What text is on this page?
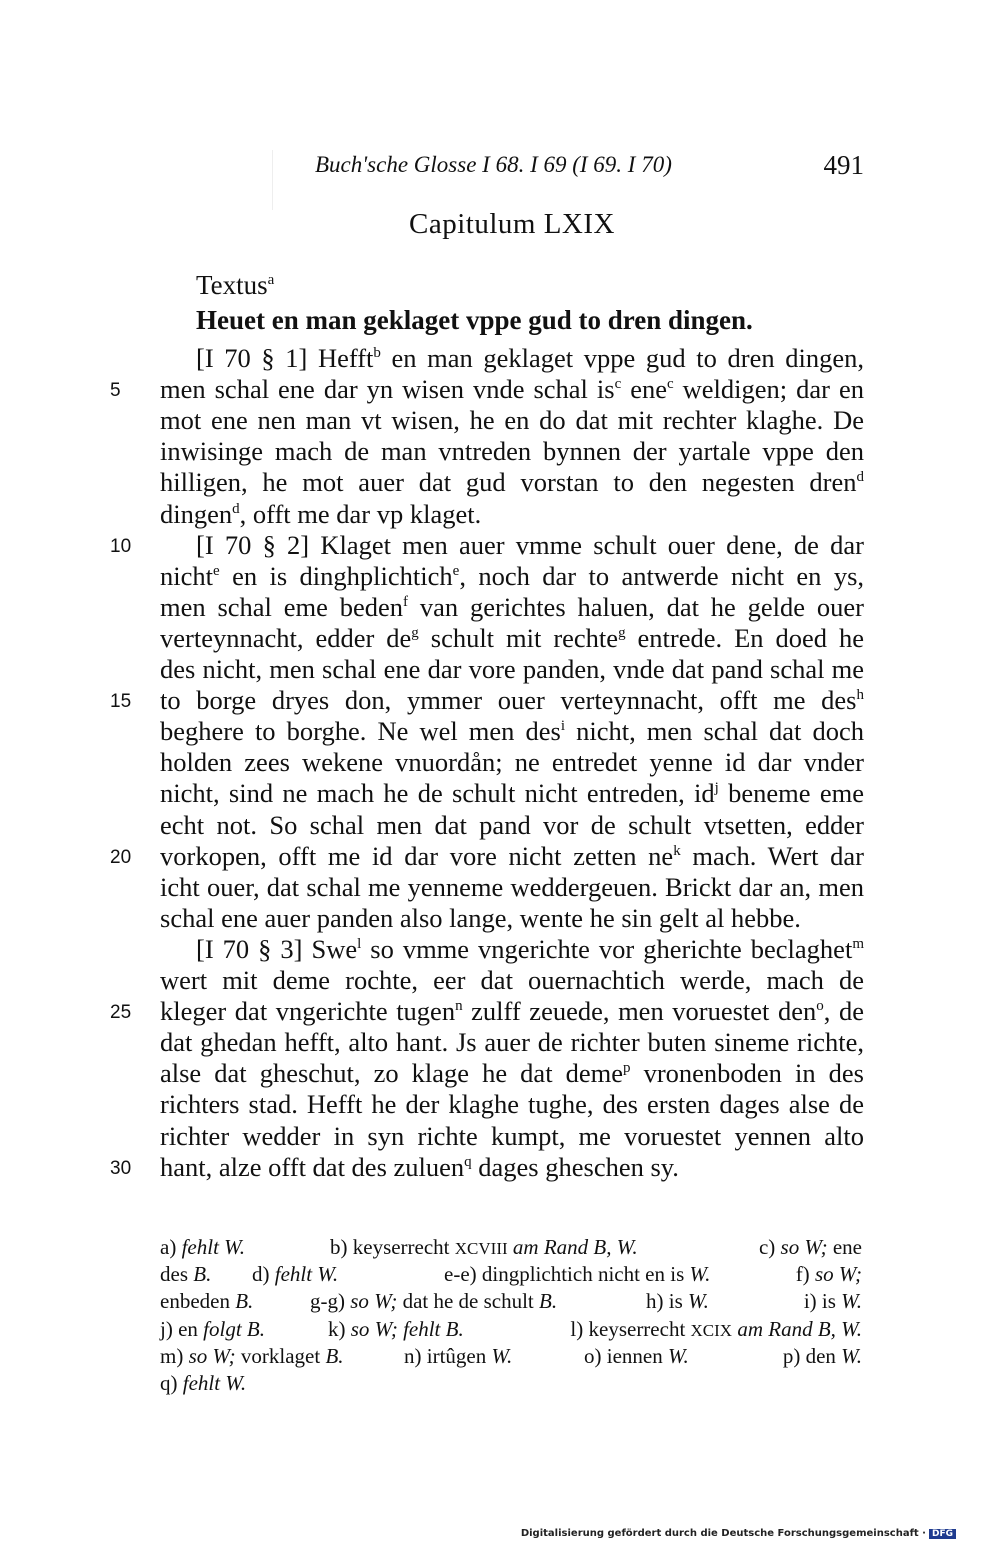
Buch'sche Glosse I 68. I 69 (I 69. I 70)	491
Capitulum LXIX
Textus$^a$
Heuet en man geklaget vppe gud to dren dingen.
[I 70 § 1] Hefft$^b$ en man geklaget vppe gud to dren dingen,
men schal ene dar yn wisen vnde schal $is^c$ ene$^c$ weldigen; dar en
mot ene nen man vt wisen, he en do dat mit rechter klaghe. De
inwisinge mach de man vntreden bynnen der yartale vppe den
hilligen, he mot auer dat gud vorstan to den negesten dren$^d$
dingen$^d$, offt me dar vp klaget.
[I 70 § 2] Klaget men auer vmme schult ouer dene, de dar
nicht$^e$ en is dinghplichtich$^e$, noch dar to antwerde nicht en ys,
men schal eme beden$^f$ van gerichtes haluen, dat he gelde ouer
verteynnacht, edder $de^g$ schult mit rechte$^g$ entrede. En doed he
des nicht, men schal ene dar vore panden, vnde dat pand schal me
to borge dryes don, ymmer ouer verteynnacht, offt me des$^h$
beghere to borghe. Ne wel men des$^i$ nicht, men schal dat doch
holden zees wekene vnuordån; ne entredet yenne id dar vnder
nicht, sind ne mach he de schult nicht entreden, $id^j$ beneme eme
echt not. So schal men dat pand vor de schult vtsetten, edder
vorkopen, offt me id dar vore nicht zetten $ne^k$ mach. Wert dar
icht ouer, dat schal me yenneme weddergeuen. Brickt dar an, men
schal ene auer panden also lange, wente he sin gelt al hebbe.
[I 70 § 3] Swe$^l$ so vmme vngerichte vor gherichte beclaghet$^m$
wert mit deme rochte, eer dat ouernachtich werde, mach de
kleger dat vngerichte tugen$^n$ zulff zeuede, men voruestet den$^o$, de
dat ghedan hefft, alto hant. Js auer de richter buten sineme richte,
alse dat gheschut, zo klage he dat deme$^p$ vronenboden in des
richters stad. Hefft he der klaghe tughe, des ersten dages alse de
richter wedder in syn richte kumpt, me voruestet yennen alto
hant, alze offt dat des zuluen$^q$ dages gheschen sy.
5
10
15
20
25
30
a) fehlt W.	b) keyserrecht XCVIII am Rand B, W.	c) so W; ene
des B. d) fehlt W.	e-e) dingplichtich nicht en is W.	f) so W;
enbeden B.	g-g) so W; dat he de schult B.	h) is W.	i) is W.
j) en folgt B.	k) so W; fehlt B.	l) keyserrecht XCIX am Rand B, W.
m) so W; vorklaget B.	n) irtûgen W.	o) iennen W.	p) den W.
q) fehlt W.
Digitalisierung gefördert durch die Deutsche Forschungsgemeinschaft · DFG
